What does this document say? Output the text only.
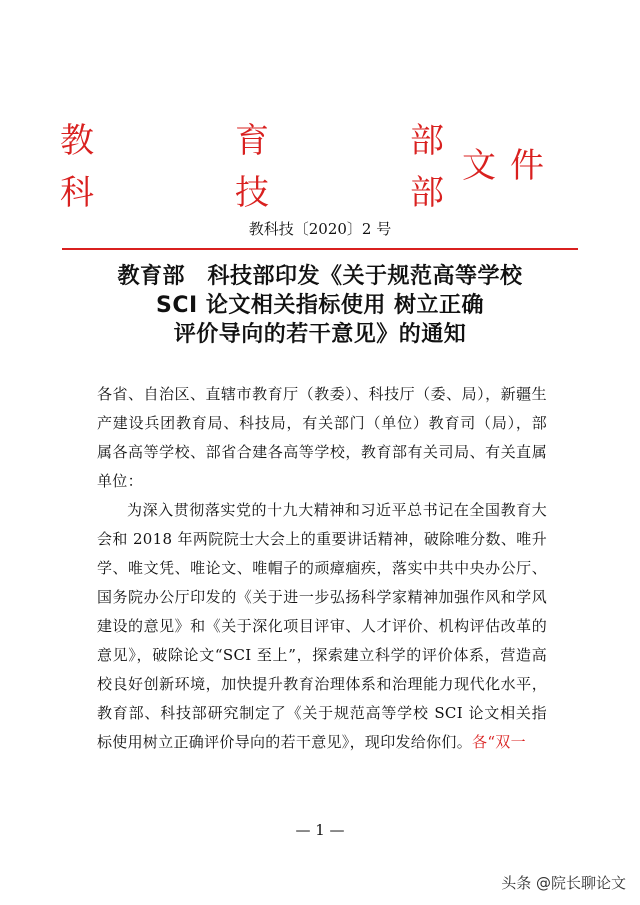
教
科
育
技
部
部
文件
教科技〔2020〕2 号
教育部　科技部印发《关于规范高等学校
SCI 论文相关指标使用 树立正确
评价导向的若干意见》的通知

各省、自治区、直辖市教育厅（教委）、科技厅（委、局），新疆生产建设兵团教育局、科技局，有关部门（单位）教育司（局），部属各高等学校、部省合建各高等学校，教育部有关司局、有关直属单位：

为深入贯彻落实党的十九大精神和习近平总书记在全国教育大会和 2018 年两院院士大会上的重要讲话精神，破除唯分数、唯升学、唯文凭、唯论文、唯帽子的顽瘴痼疾，落实中共中央办公厅、国务院办公厅印发的《关于进一步弘扬科学家精神加强作风和学风建设的意见》和《关于深化项目评审、人才评价、机构评估改革的意见》，破除论文“SCI 至上”，探索建立科学的评价体系，营造高校良好创新环境，加快提升教育治理体系和治理能力现代化水平，教育部、科技部研究制定了《关于规范高等学校 SCI 论文相关指标使用树立正确评价导向的若干意见》，现印发给你们。各“双一

— 1 —
头条 @院长聊论文
